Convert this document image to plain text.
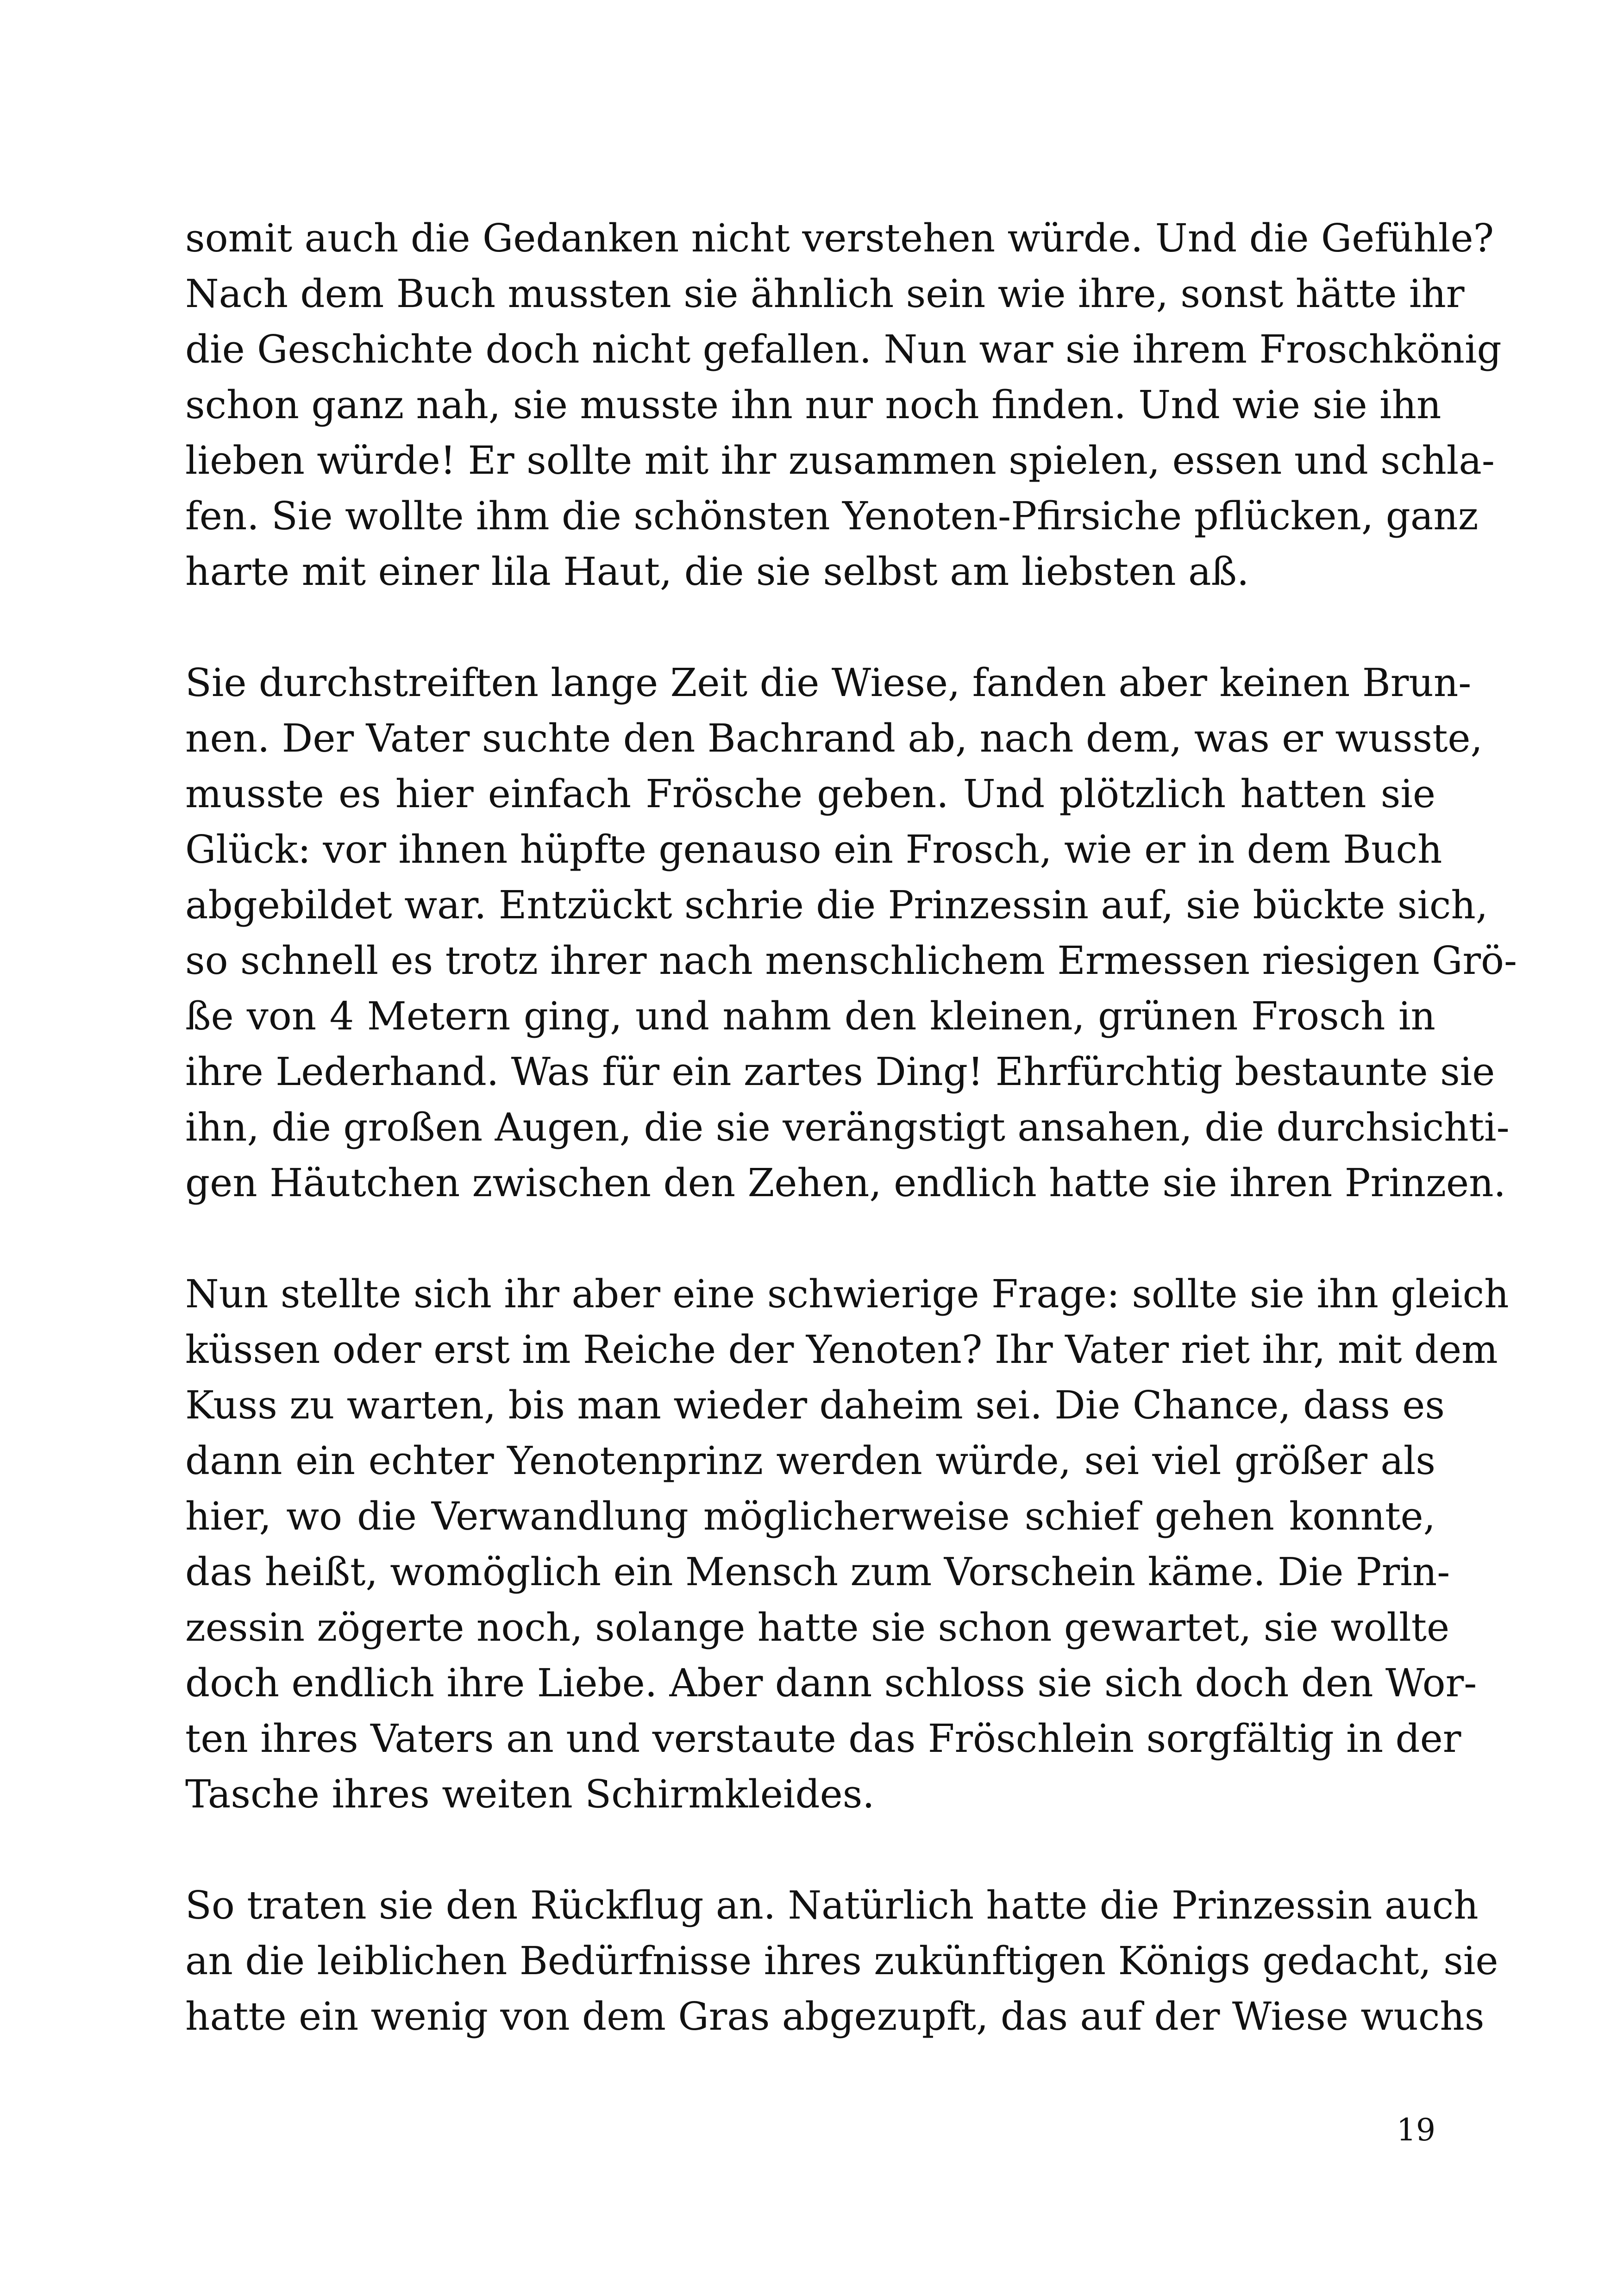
somit auch die Gedanken nicht verstehen würde. Und die Gefühle?
Nach dem Buch mussten sie ähnlich sein wie ihre, sonst hätte ihr
die Geschichte doch nicht gefallen. Nun war sie ihrem Froschkönig
schon ganz nah, sie musste ihn nur noch finden. Und wie sie ihn
lieben würde! Er sollte mit ihr zusammen spielen, essen und schla-
fen. Sie wollte ihm die schönsten Yenoten-Pfirsiche pflücken, ganz
harte mit einer lila Haut, die sie selbst am liebsten aß.
Sie durchstreiften lange Zeit die Wiese, fanden aber keinen Brun-
nen. Der Vater suchte den Bachrand ab, nach dem, was er wusste,
musste es hier einfach Frösche geben. Und plötzlich hatten sie
Glück: vor ihnen hüpfte genauso ein Frosch, wie er in dem Buch
abgebildet war. Entzückt schrie die Prinzessin auf, sie bückte sich,
so schnell es trotz ihrer nach menschlichem Ermessen riesigen Grö-
ße von 4 Metern ging, und nahm den kleinen, grünen Frosch in
ihre Lederhand. Was für ein zartes Ding! Ehrfürchtig bestaunte sie
ihn, die großen Augen, die sie verängstigt ansahen, die durchsichti-
gen Häutchen zwischen den Zehen, endlich hatte sie ihren Prinzen.
Nun stellte sich ihr aber eine schwierige Frage: sollte sie ihn gleich
küssen oder erst im Reiche der Yenoten? Ihr Vater riet ihr, mit dem
Kuss zu warten, bis man wieder daheim sei. Die Chance, dass es
dann ein echter Yenotenprinz werden würde, sei viel größer als
hier, wo die Verwandlung möglicherweise schief gehen konnte,
das heißt, womöglich ein Mensch zum Vorschein käme. Die Prin-
zessin zögerte noch, solange hatte sie schon gewartet, sie wollte
doch endlich ihre Liebe. Aber dann schloss sie sich doch den Wor-
ten ihres Vaters an und verstaute das Fröschlein sorgfältig in der
Tasche ihres weiten Schirmkleides.
So traten sie den Rückflug an. Natürlich hatte die Prinzessin auch
an die leiblichen Bedürfnisse ihres zukünftigen Königs gedacht, sie
hatte ein wenig von dem Gras abgezupft, das auf der Wiese wuchs
19
